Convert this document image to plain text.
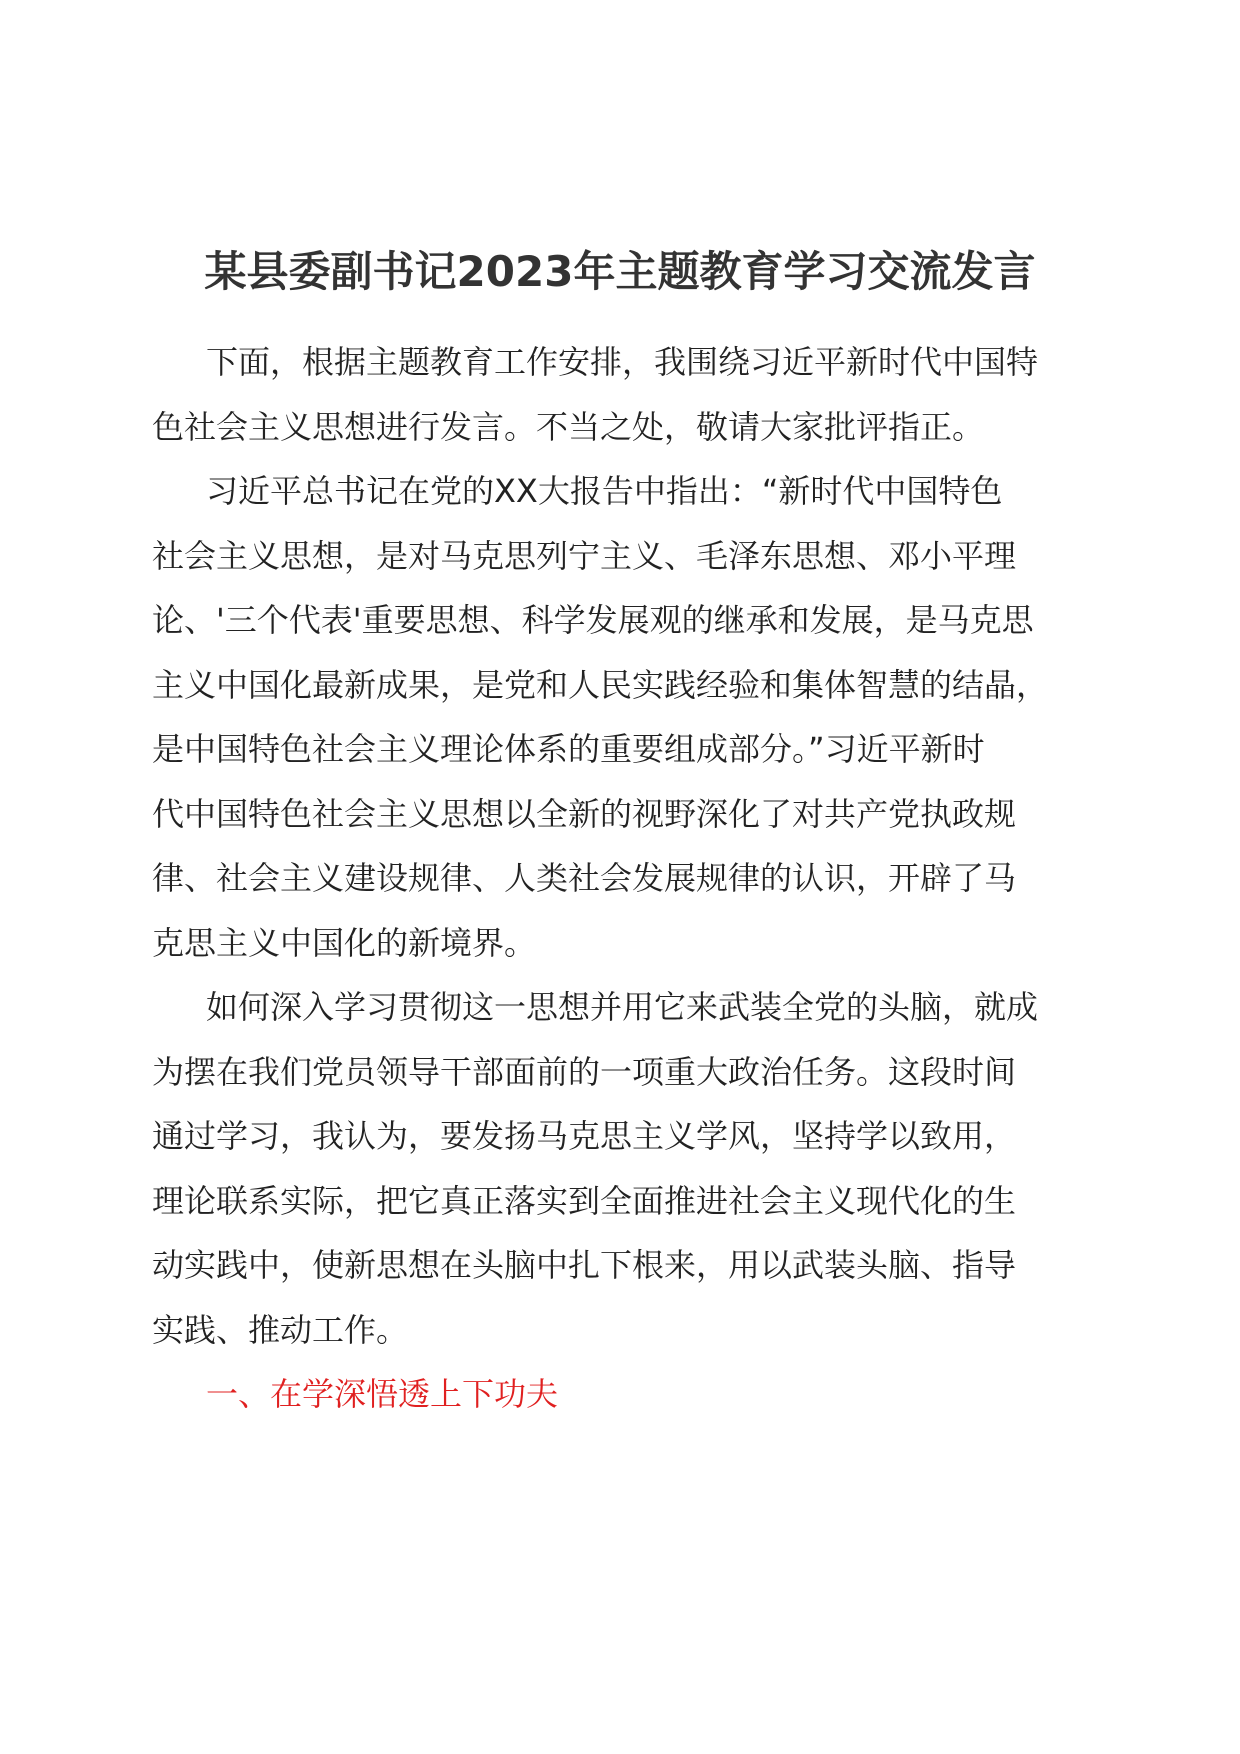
某县委副书记2023年主题教育学习交流发言

下面，根据主题教育工作安排，我围绕习近平新时代中国特
色社会主义思想进行发言。不当之处，敬请大家批评指正。

习近平总书记在党的XX大报告中指出：“新时代中国特色
社会主义思想，是对马克思列宁主义、毛泽东思想、邓小平理
论、'三个代表'重要思想、科学发展观的继承和发展，是马克思
主义中国化最新成果，是党和人民实践经验和集体智慧的结晶，
是中国特色社会主义理论体系的重要组成部分。”习近平新时
代中国特色社会主义思想以全新的视野深化了对共产党执政规
律、社会主义建设规律、人类社会发展规律的认识，开辟了马
克思主义中国化的新境界。

如何深入学习贯彻这一思想并用它来武装全党的头脑，就成
为摆在我们党员领导干部面前的一项重大政治任务。这段时间
通过学习，我认为，要发扬马克思主义学风，坚持学以致用，
理论联系实际，把它真正落实到全面推进社会主义现代化的生
动实践中，使新思想在头脑中扎下根来，用以武装头脑、指导
实践、推动工作。

一、在学深悟透上下功夫
